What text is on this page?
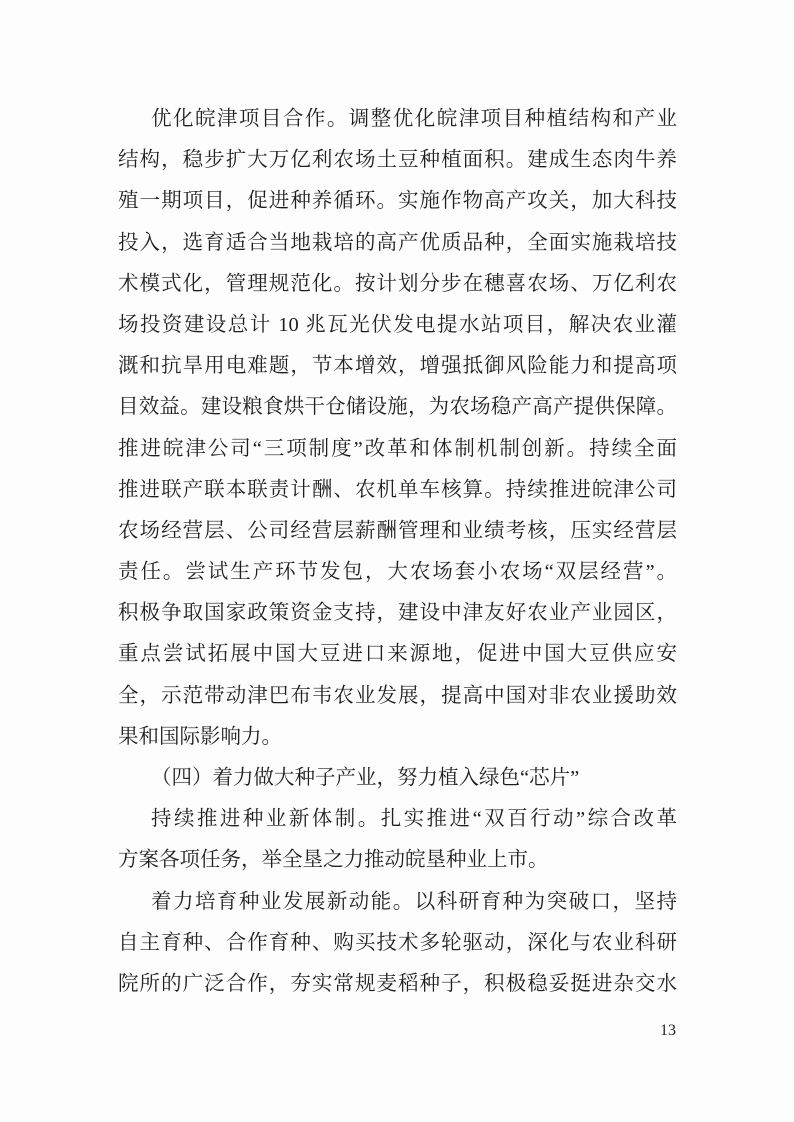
优化皖津项目合作。调整优化皖津项目种植结构和产业
结构，稳步扩大万亿利农场土豆种植面积。建成生态肉牛养
殖一期项目，促进种养循环。实施作物高产攻关，加大科技
投入，选育适合当地栽培的高产优质品种，全面实施栽培技
术模式化，管理规范化。按计划分步在穗喜农场、万亿利农
场投资建设总计 10 兆瓦光伏发电提水站项目，解决农业灌
溉和抗旱用电难题，节本增效，增强抵御风险能力和提高项
目效益。建设粮食烘干仓储设施，为农场稳产高产提供保障。
推进皖津公司“三项制度”改革和体制机制创新。持续全面
推进联产联本联责计酬、农机单车核算。持续推进皖津公司
农场经营层、公司经营层薪酬管理和业绩考核，压实经营层
责任。尝试生产环节发包，大农场套小农场“双层经营”。
积极争取国家政策资金支持，建设中津友好农业产业园区，
重点尝试拓展中国大豆进口来源地，促进中国大豆供应安
全，示范带动津巴布韦农业发展，提高中国对非农业援助效
果和国际影响力。
（四）着力做大种子产业，努力植入绿色“芯片”
持续推进种业新体制。扎实推进“双百行动”综合改革
方案各项任务，举全垦之力推动皖垦种业上市。
着力培育种业发展新动能。以科研育种为突破口，坚持
自主育种、合作育种、购买技术多轮驱动，深化与农业科研
院所的广泛合作，夯实常规麦稻种子，积极稳妥挺进杂交水
13
